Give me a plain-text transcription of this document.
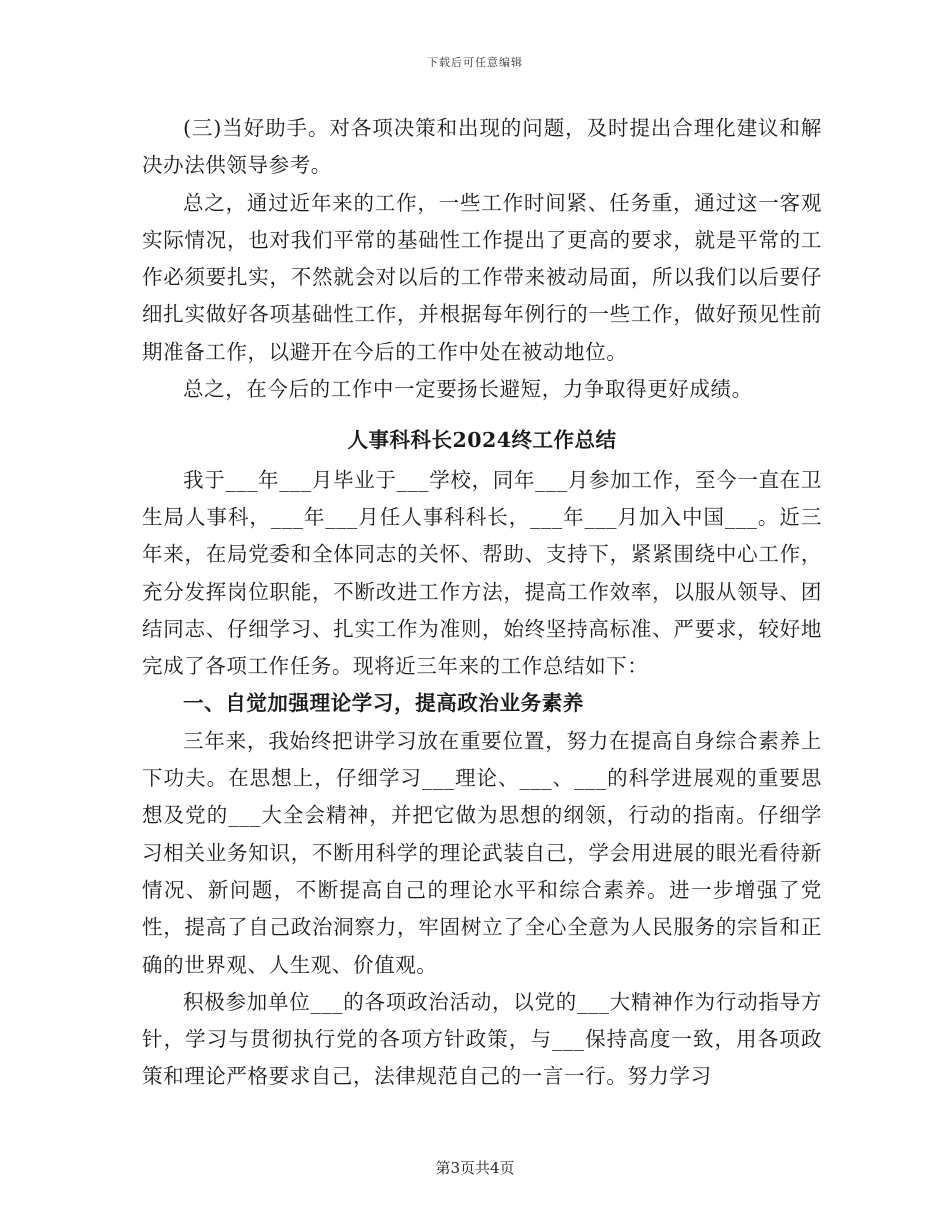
下载后可任意编辑

(三)当好助手。对各项决策和出现的问题，及时提出合理化建议和解决办法供领导参考。

总之，通过近年来的工作，一些工作时间紧、任务重，通过这一客观实际情况，也对我们平常的基础性工作提出了更高的要求，就是平常的工作必须要扎实，不然就会对以后的工作带来被动局面，所以我们以后要仔细扎实做好各项基础性工作，并根据每年例行的一些工作，做好预见性前期准备工作，以避开在今后的工作中处在被动地位。

总之，在今后的工作中一定要扬长避短，力争取得更好成绩。

人事科科长2024终工作总结

我于___年___月毕业于___学校，同年___月参加工作，至今一直在卫生局人事科，___年___月任人事科科长，___年___月加入中国___。近三年来，在局党委和全体同志的关怀、帮助、支持下，紧紧围绕中心工作，充分发挥岗位职能，不断改进工作方法，提高工作效率，以服从领导、团结同志、仔细学习、扎实工作为准则，始终坚持高标准、严要求，较好地完成了各项工作任务。现将近三年来的工作总结如下：

一、自觉加强理论学习，提高政治业务素养

三年来，我始终把讲学习放在重要位置，努力在提高自身综合素养上下功夫。在思想上，仔细学习___理论、___、___的科学进展观的重要思想及党的___大全会精神，并把它做为思想的纲领，行动的指南。仔细学习相关业务知识，不断用科学的理论武装自己，学会用进展的眼光看待新情况、新问题，不断提高自己的理论水平和综合素养。进一步增强了党性，提高了自己政治洞察力，牢固树立了全心全意为人民服务的宗旨和正确的世界观、人生观、价值观。

积极参加单位___的各项政治活动，以党的___大精神作为行动指导方针，学习与贯彻执行党的各项方针政策，与___保持高度一致，用各项政策和理论严格要求自己，法律规范自己的一言一行。努力学习

第3页共4页
